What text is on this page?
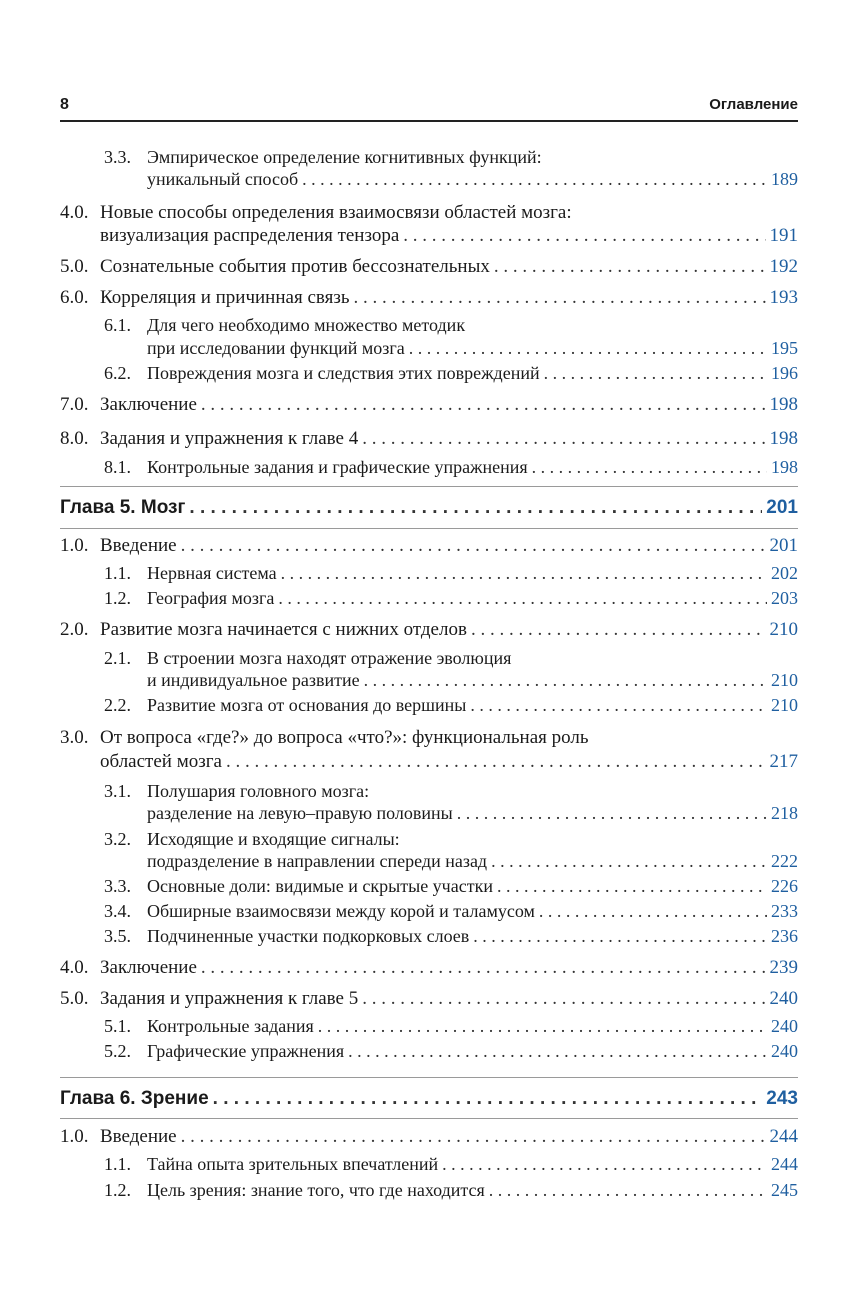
8	Оглавление
3.3. Эмпирическое определение когнитивных функций:
уникальный способ . . .	189
4.0. Новые способы определения взаимосвязи областей мозга:
визуализация распределения тензора . . .	191
5.0. Сознательные события против бессознательных . . .	192
6.0. Корреляция и причинная связь . . .	193
6.1. Для чего необходимо множество методик
при исследовании функций мозга . . .	195
6.2. Повреждения мозга и следствия этих повреждений . . .	196
7.0. Заключение . . .	198
8.0. Задания и упражнения к главе 4 . . .	198
8.1. Контрольные задания и графические упражнения . . .	198
Глава 5. Мозг . . .	201
1.0. Введение . . .	201
1.1. Нервная система . . .	202
1.2. География мозга . . .	203
2.0. Развитие мозга начинается с нижних отделов . . .	210
2.1. В строении мозга находят отражение эволюция
и индивидуальное развитие . . .	210
2.2. Развитие мозга от основания до вершины . . .	210
3.0. От вопроса «где?» до вопроса «что?»: функциональная роль
областей мозга . . .	217
3.1. Полушария головного мозга:
разделение на левую–правую половины . . .	218
3.2. Исходящие и входящие сигналы:
подразделение в направлении спереди назад . . .	222
3.3. Основные доли: видимые и скрытые участки . . .	226
3.4. Обширные взаимосвязи между корой и таламусом . . .	233
3.5. Подчиненные участки подкорковых слоев . . .	236
4.0. Заключение . . .	239
5.0. Задания и упражнения к главе 5 . . .	240
5.1. Контрольные задания . . .	240
5.2. Графические упражнения . . .	240
Глава 6. Зрение . . .	243
1.0. Введение . . .	244
1.1. Тайна опыта зрительных впечатлений . . .	244
1.2. Цель зрения: знание того, что где находится . . .	245
